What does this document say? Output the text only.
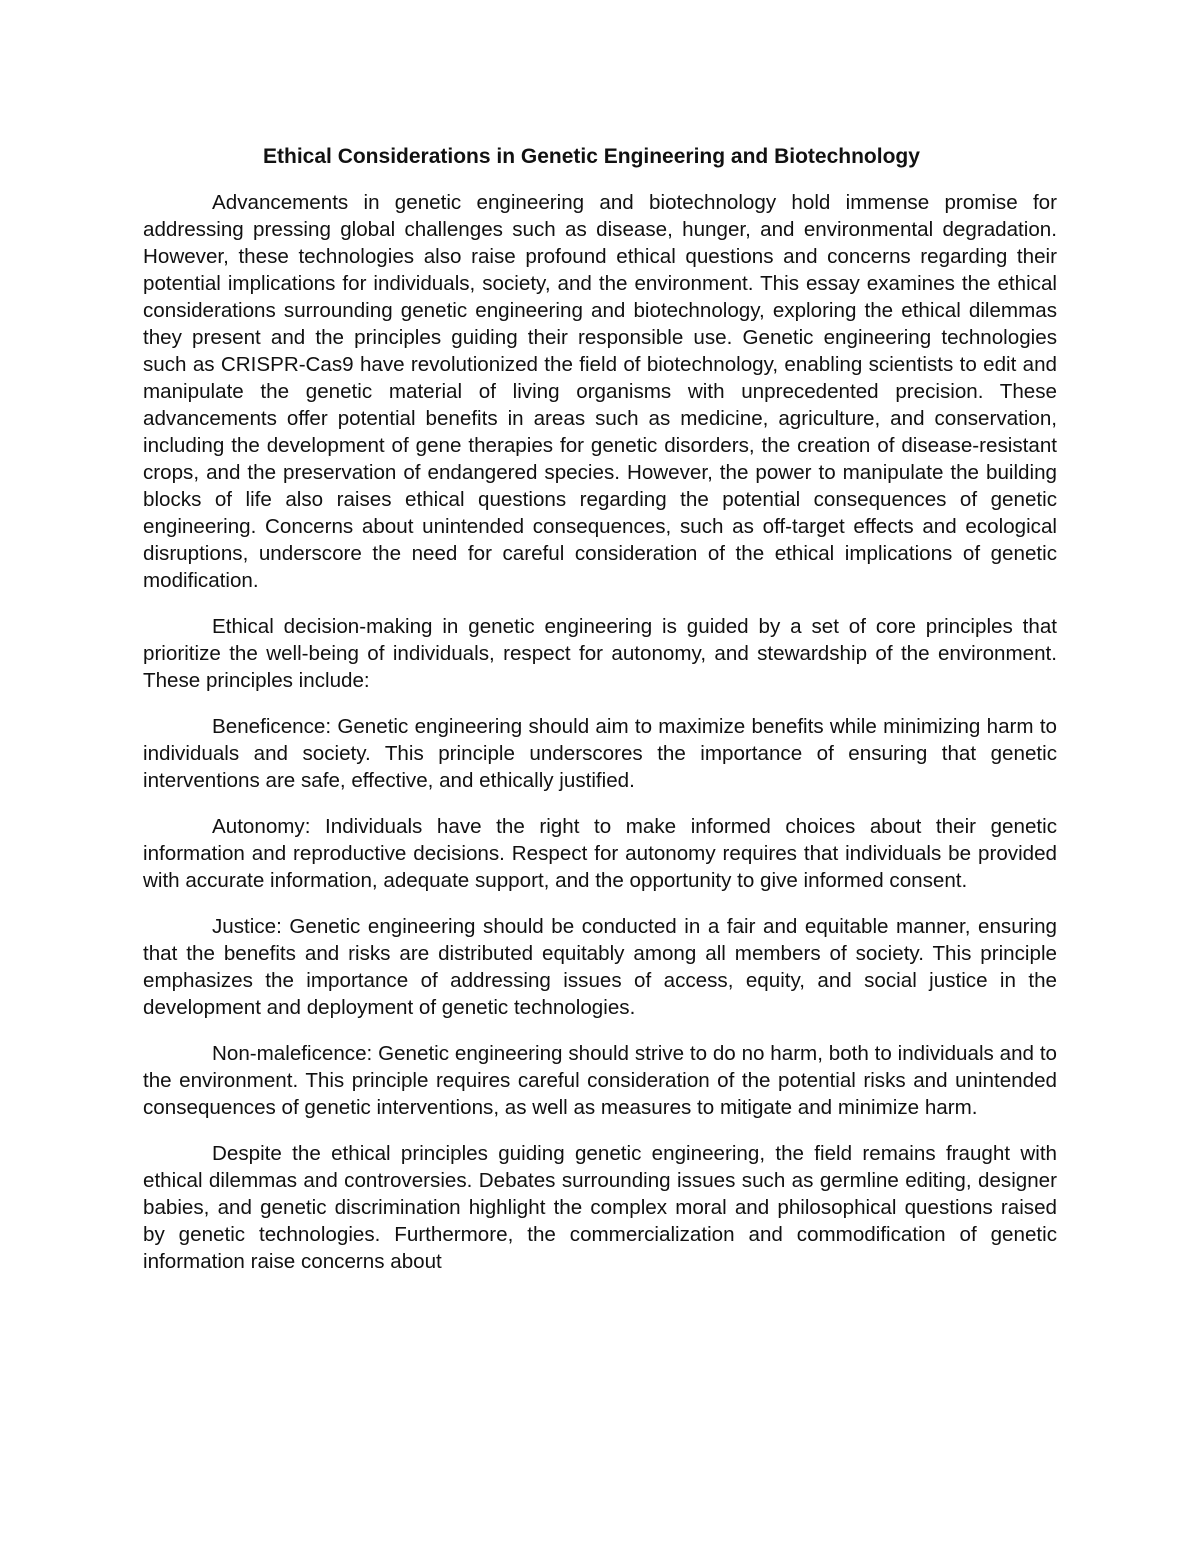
Ethical Considerations in Genetic Engineering and Biotechnology

Advancements in genetic engineering and biotechnology hold immense promise for addressing pressing global challenges such as disease, hunger, and environmental degradation. However, these technologies also raise profound ethical questions and concerns regarding their potential implications for individuals, society, and the environment. This essay examines the ethical considerations surrounding genetic engineering and biotechnology, exploring the ethical dilemmas they present and the principles guiding their responsible use. Genetic engineering technologies such as CRISPR-Cas9 have revolutionized the field of biotechnology, enabling scientists to edit and manipulate the genetic material of living organisms with unprecedented precision. These advancements offer potential benefits in areas such as medicine, agriculture, and conservation, including the development of gene therapies for genetic disorders, the creation of disease-resistant crops, and the preservation of endangered species. However, the power to manipulate the building blocks of life also raises ethical questions regarding the potential consequences of genetic engineering. Concerns about unintended consequences, such as off-target effects and ecological disruptions, underscore the need for careful consideration of the ethical implications of genetic modification.

Ethical decision-making in genetic engineering is guided by a set of core principles that prioritize the well-being of individuals, respect for autonomy, and stewardship of the environment. These principles include:

Beneficence: Genetic engineering should aim to maximize benefits while minimizing harm to individuals and society. This principle underscores the importance of ensuring that genetic interventions are safe, effective, and ethically justified.

Autonomy: Individuals have the right to make informed choices about their genetic information and reproductive decisions. Respect for autonomy requires that individuals be provided with accurate information, adequate support, and the opportunity to give informed consent.

Justice: Genetic engineering should be conducted in a fair and equitable manner, ensuring that the benefits and risks are distributed equitably among all members of society. This principle emphasizes the importance of addressing issues of access, equity, and social justice in the development and deployment of genetic technologies.

Non-maleficence: Genetic engineering should strive to do no harm, both to individuals and to the environment. This principle requires careful consideration of the potential risks and unintended consequences of genetic interventions, as well as measures to mitigate and minimize harm.

Despite the ethical principles guiding genetic engineering, the field remains fraught with ethical dilemmas and controversies. Debates surrounding issues such as germline editing, designer babies, and genetic discrimination highlight the complex moral and philosophical questions raised by genetic technologies. Furthermore, the commercialization and commodification of genetic information raise concerns about
